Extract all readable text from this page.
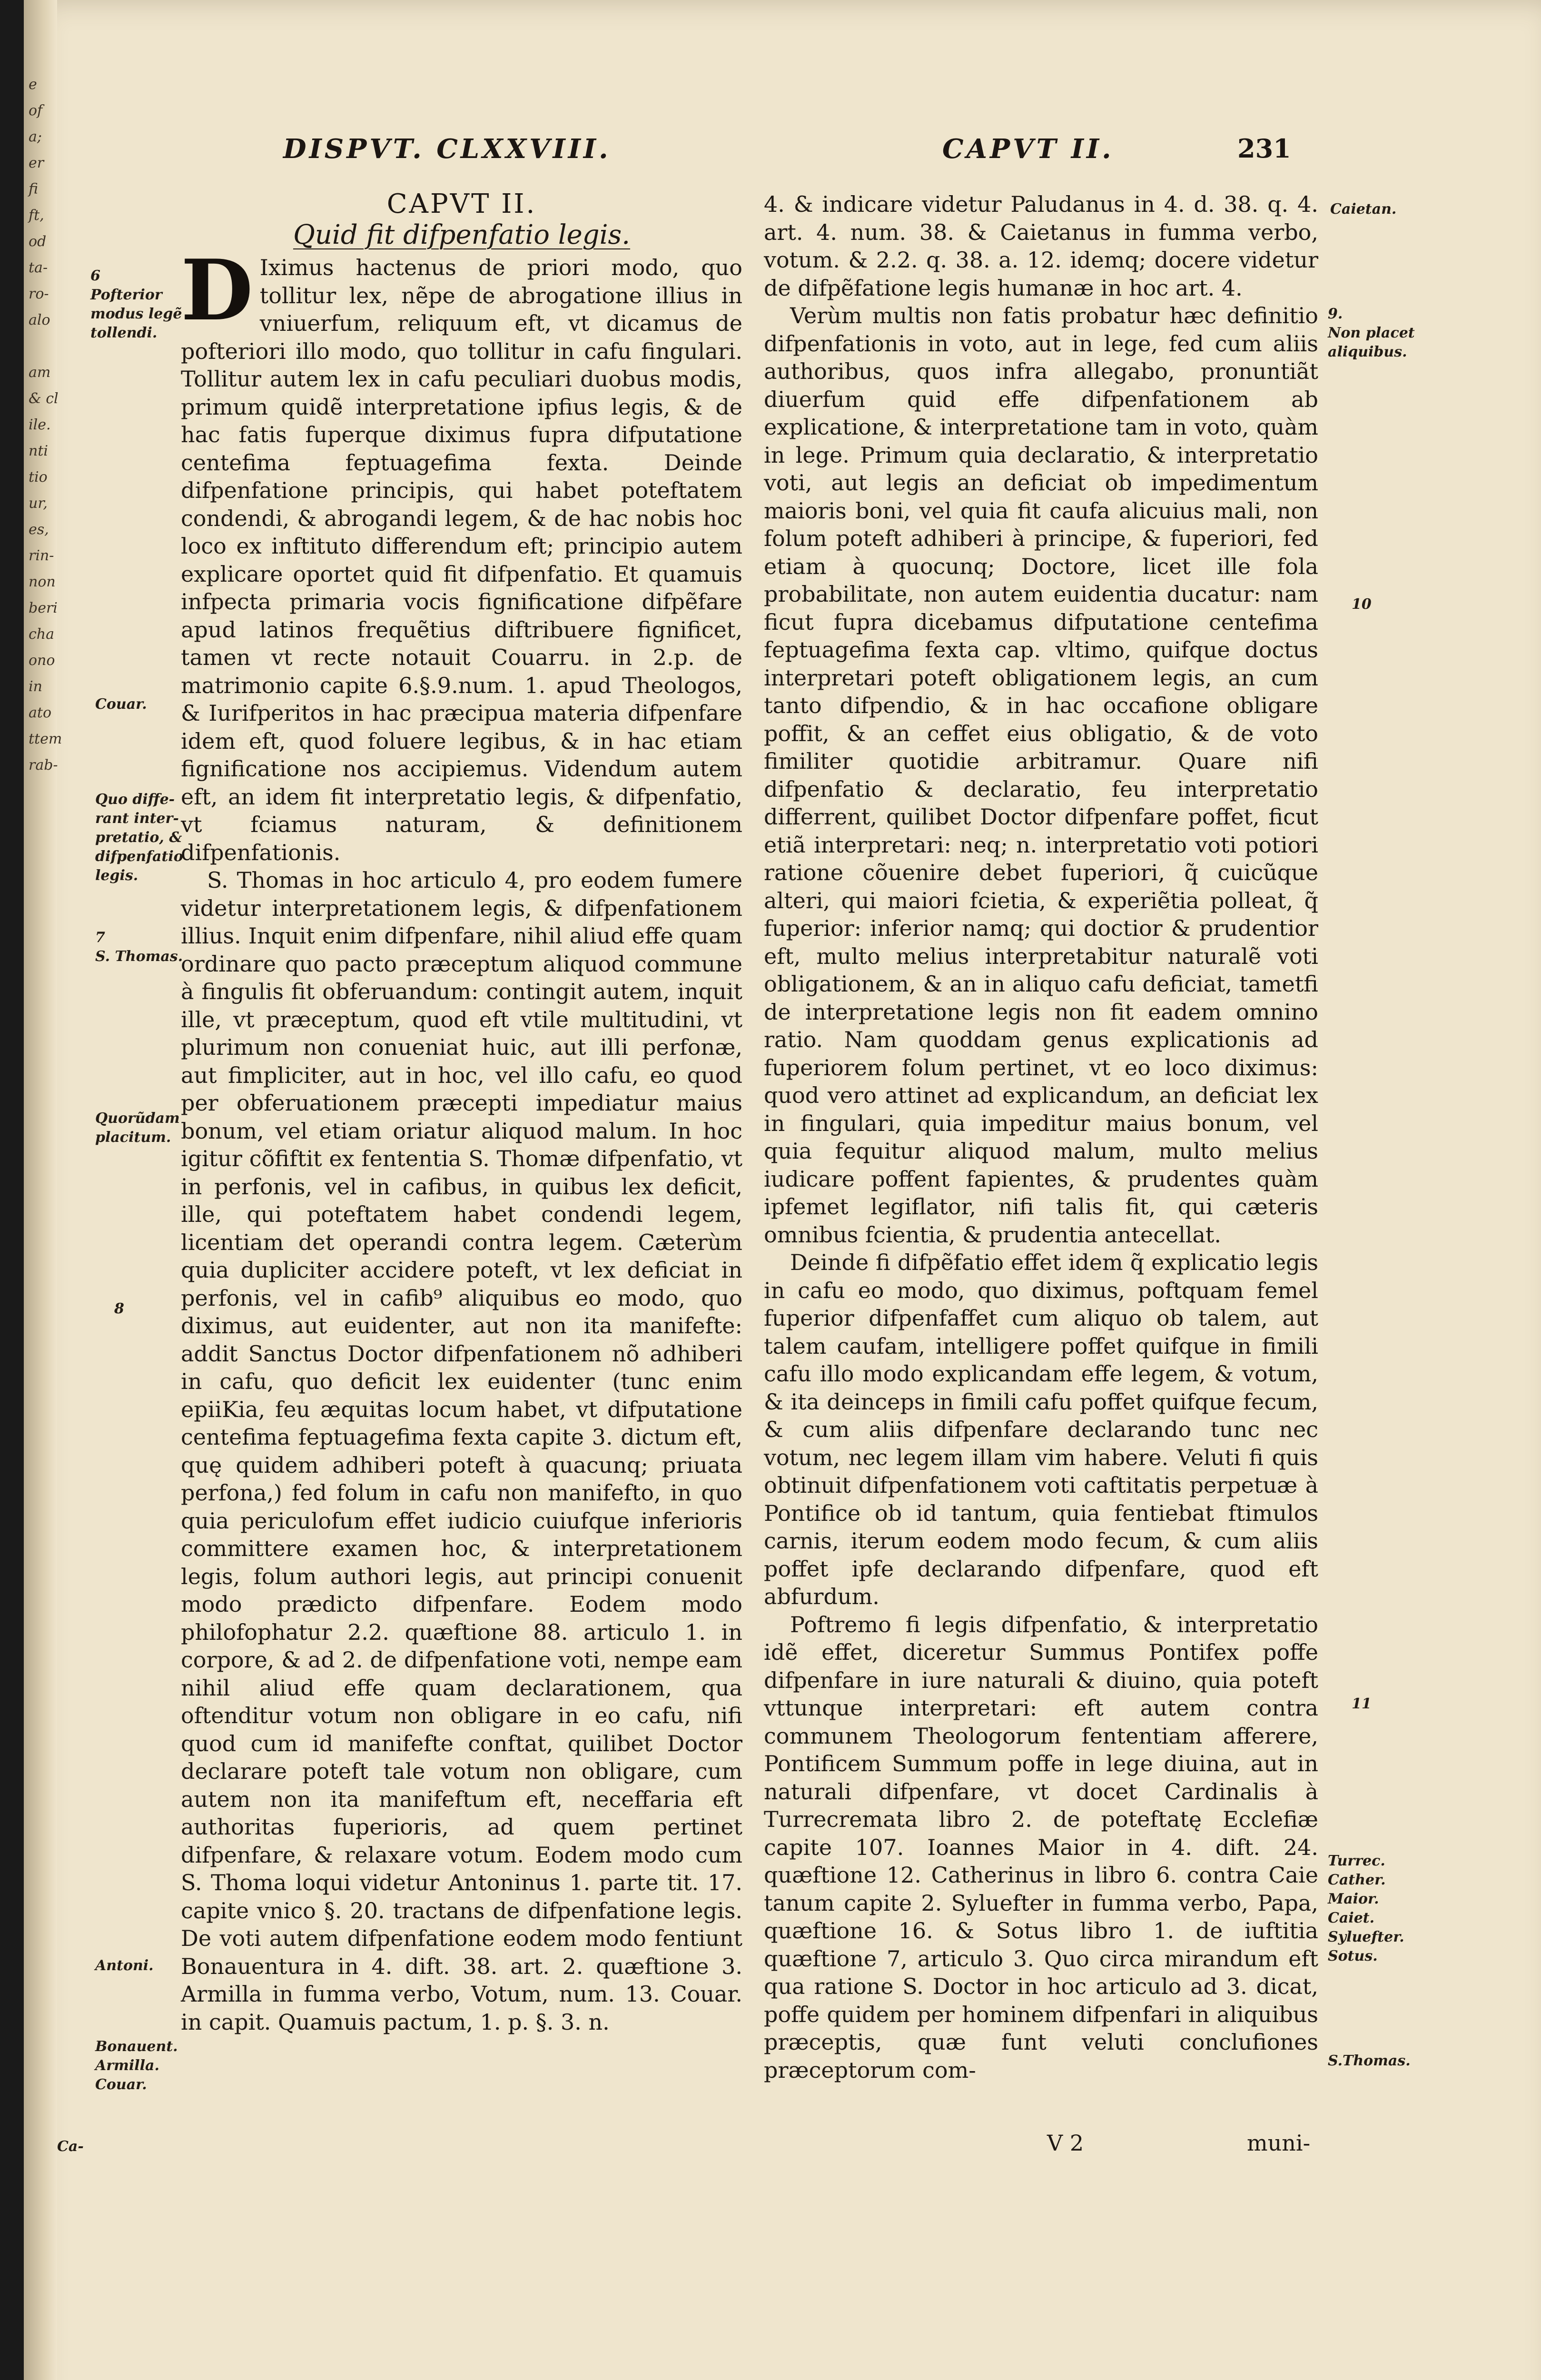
e
of
a;
er
fi
ft,
od
ta-
ro-
alo

am
& cl
ile.
nti
tio
ur,
es,
rin-
non
beri
cha
ono
in
ato
ttem
rab-
DISPVT. CLXXVIII.	CAPVT II.	231
CAPVT II.
Quid fit difpenfatio legis.

D Iximus hactenus de priori modo, quo tollitur lex, nẽpe de abrogatione illius in vniuerfum, reliquum eft, vt dicamus de pofteriori illo modo, quo tollitur in cafu fingulari. Tollitur autem lex in cafu peculiari duobus modis, primum quidẽ interpretatione ipfius legis, & de hac fatis fuperque diximus fupra difputatione centefima feptuagefima fexta. Deinde difpenfatione principis, qui habet poteftatem condendi, & abrogandi legem, & de hac nobis hoc loco ex inftituto differendum eft; principio autem explicare oportet quid fit difpenfatio. Et quamuis infpecta primaria vocis fignificatione difpẽfare apud latinos frequẽtius diftribuere fignificet, tamen vt recte notauit Couarru. in 2.p. de matrimonio capite 6.§.9.num. 1. apud Theologos, & Iurifperitos in hac præcipua materia difpenfare idem eft, quod foluere legibus, & in hac etiam fignificatione nos accipiemus. Videndum autem eft, an idem fit interpretatio legis, & difpenfatio, vt fciamus naturam, & definitionem difpenfationis.

S. Thomas in hoc articulo 4, pro eodem fumere videtur interpretationem legis, & difpenfationem illius. Inquit enim difpenfare, nihil aliud effe quam ordinare quo pacto præceptum aliquod commune à fingulis fit obferuandum: contingit autem, inquit ille, vt præceptum, quod eft vtile multitudini, vt plurimum non conueniat huic, aut illi perfonæ, aut fimpliciter, aut in hoc, vel illo cafu, eo quod per obferuationem præcepti impediatur maius bonum, vel etiam oriatur aliquod malum. In hoc igitur cõfiftit ex fententia S. Thomæ difpenfatio, vt in perfonis, vel in cafibus, in quibus lex deficit, ille, qui poteftatem habet condendi legem, licentiam det operandi contra legem. Cæterùm quia dupliciter accidere poteft, vt lex deficiat in perfonis, vel in cafib⁹ aliquibus eo modo, quo diximus, aut euidenter, aut non ita manifefte: addit Sanctus Doctor difpenfationem nõ adhiberi in cafu, quo deficit lex euidenter (tunc enim epiiKia, feu æquitas locum habet, vt difputatione centefima feptuagefima fexta capite 3. dictum eft, quę quidem adhiberi poteft à quacunq; priuata perfona,) fed folum in cafu non manifefto, in quo quia periculofum effet iudicio cuiufque inferioris committere examen hoc, & interpretationem legis, folum authori legis, aut principi conuenit modo prædicto difpenfare. Eodem modo philofophatur 2.2. quæftione 88. articulo 1. in corpore, & ad 2. de difpenfatione voti, nempe eam nihil aliud effe quam declarationem, qua oftenditur votum non obligare in eo cafu, nifi quod cum id manifefte conftat, quilibet Doctor declarare poteft tale votum non obligare, cum autem non ita manifeftum eft, neceffaria eft authoritas fuperioris, ad quem pertinet difpenfare, & relaxare votum. Eodem modo cum S. Thoma loqui videtur Antoninus 1. parte tit. 17. capite vnico §. 20. tractans de difpenfatione legis. De voti autem difpenfatione eodem modo fentiunt Bonauentura in 4. dift. 38. art. 2. quæftione 3. Armilla in fumma verbo, Votum, num. 13. Couar. in capit. Quamuis pactum, 1. p. §. 3. n.

4. & indicare videtur Paludanus in 4. d. 38. q. 4. art. 4. num. 38. & Caietanus in fumma verbo, votum. & 2.2. q. 38. a. 12. idemq; docere videtur de difpẽfatione legis humanæ in hoc art. 4.

Verùm multis non fatis probatur hæc definitio difpenfationis in voto, aut in lege, fed cum aliis authoribus, quos infra allegabo, pronuntiãt diuerfum quid effe difpenfationem ab explicatione, & interpretatione tam in voto, quàm in lege. Primum quia declaratio, & interpretatio voti, aut legis an deficiat ob impedimentum maioris boni, vel quia fit caufa alicuius mali, non folum poteft adhiberi à principe, & fuperiori, fed etiam à quocunq; Doctore, licet ille fola probabilitate, non autem euidentia ducatur: nam ficut fupra dicebamus difputatione centefima feptuagefima fexta cap. vltimo, quifque doctus interpretari poteft obligationem legis, an cum tanto difpendio, & in hac occafione obligare poffit, & an ceffet eius obligatio, & de voto fimiliter quotidie arbitramur. Quare nifi difpenfatio & declaratio, feu interpretatio differrent, quilibet Doctor difpenfare poffet, ficut etiã interpretari: neq; n. interpretatio voti potiori ratione cõuenire debet fuperiori, q̃ cuicũque alteri, qui maiori fcietia, & experiẽtia polleat, q̃ fuperior: inferior namq; qui doctior & prudentior eft, multo melius interpretabitur naturalẽ voti obligationem, & an in aliquo cafu deficiat, tametfi de interpretatione legis non fit eadem omnino ratio. Nam quoddam genus explicationis ad fuperiorem folum pertinet, vt eo loco diximus: quod vero attinet ad explicandum, an deficiat lex in fingulari, quia impeditur maius bonum, vel quia fequitur aliquod malum, multo melius iudicare poffent fapientes, & prudentes quàm ipfemet legiflator, nifi talis fit, qui cæteris omnibus fcientia, & prudentia antecellat.

Deinde fi difpẽfatio effet idem q̃ explicatio legis in cafu eo modo, quo diximus, poftquam femel fuperior difpenfaffet cum aliquo ob talem, aut talem caufam, intelligere poffet quifque in fimili cafu illo modo explicandam effe legem, & votum, & ita deinceps in fimili cafu poffet quifque fecum, & cum aliis difpenfare declarando tunc nec votum, nec legem illam vim habere. Veluti fi quis obtinuit difpenfationem voti caftitatis perpetuæ à Pontifice ob id tantum, quia fentiebat ftimulos carnis, iterum eodem modo fecum, & cum aliis poffet ipfe declarando difpenfare, quod eft abfurdum.

Poftremo fi legis difpenfatio, & interpretatio idẽ effet, diceretur Summus Pontifex poffe difpenfare in iure naturali & diuino, quia poteft vttunque interpretari: eft autem contra communem Theologorum fententiam afferere, Pontificem Summum poffe in lege diuina, aut in naturali difpenfare, vt docet Cardinalis à Turrecremata libro 2. de poteftatę Ecclefiæ capite 107. Ioannes Maior in 4. dift. 24. quæftione 12. Catherinus in libro 6. contra Caie tanum capite 2. Syluefter in fumma verbo, Papa, quæftione 16. & Sotus libro 1. de iuftitia quæftione 7, articulo 3. Quo circa mirandum eft qua ratione S. Doctor in hoc articulo ad 3. dicat, poffe quidem per hominem difpenfari in aliquibus præceptis, quæ funt veluti conclufiones præceptorum com-

6
Pofterior
modus legẽ
tollendi.
Couar.
Quo diffe-
rant inter-
pretatio, &
difpenfatio
legis.
7
S. Thomas.
Quorũdam
placitum.
8
Antoni.
Bonauent.
Armilla.
Couar.
Ca-
Caietan.
9.
Non placet
aliquibus.
10
11
Turrec.
Cather.
Maior.
Caiet.
Syluefter.
Sotus.
S.Thomas.
V 2	muni-
